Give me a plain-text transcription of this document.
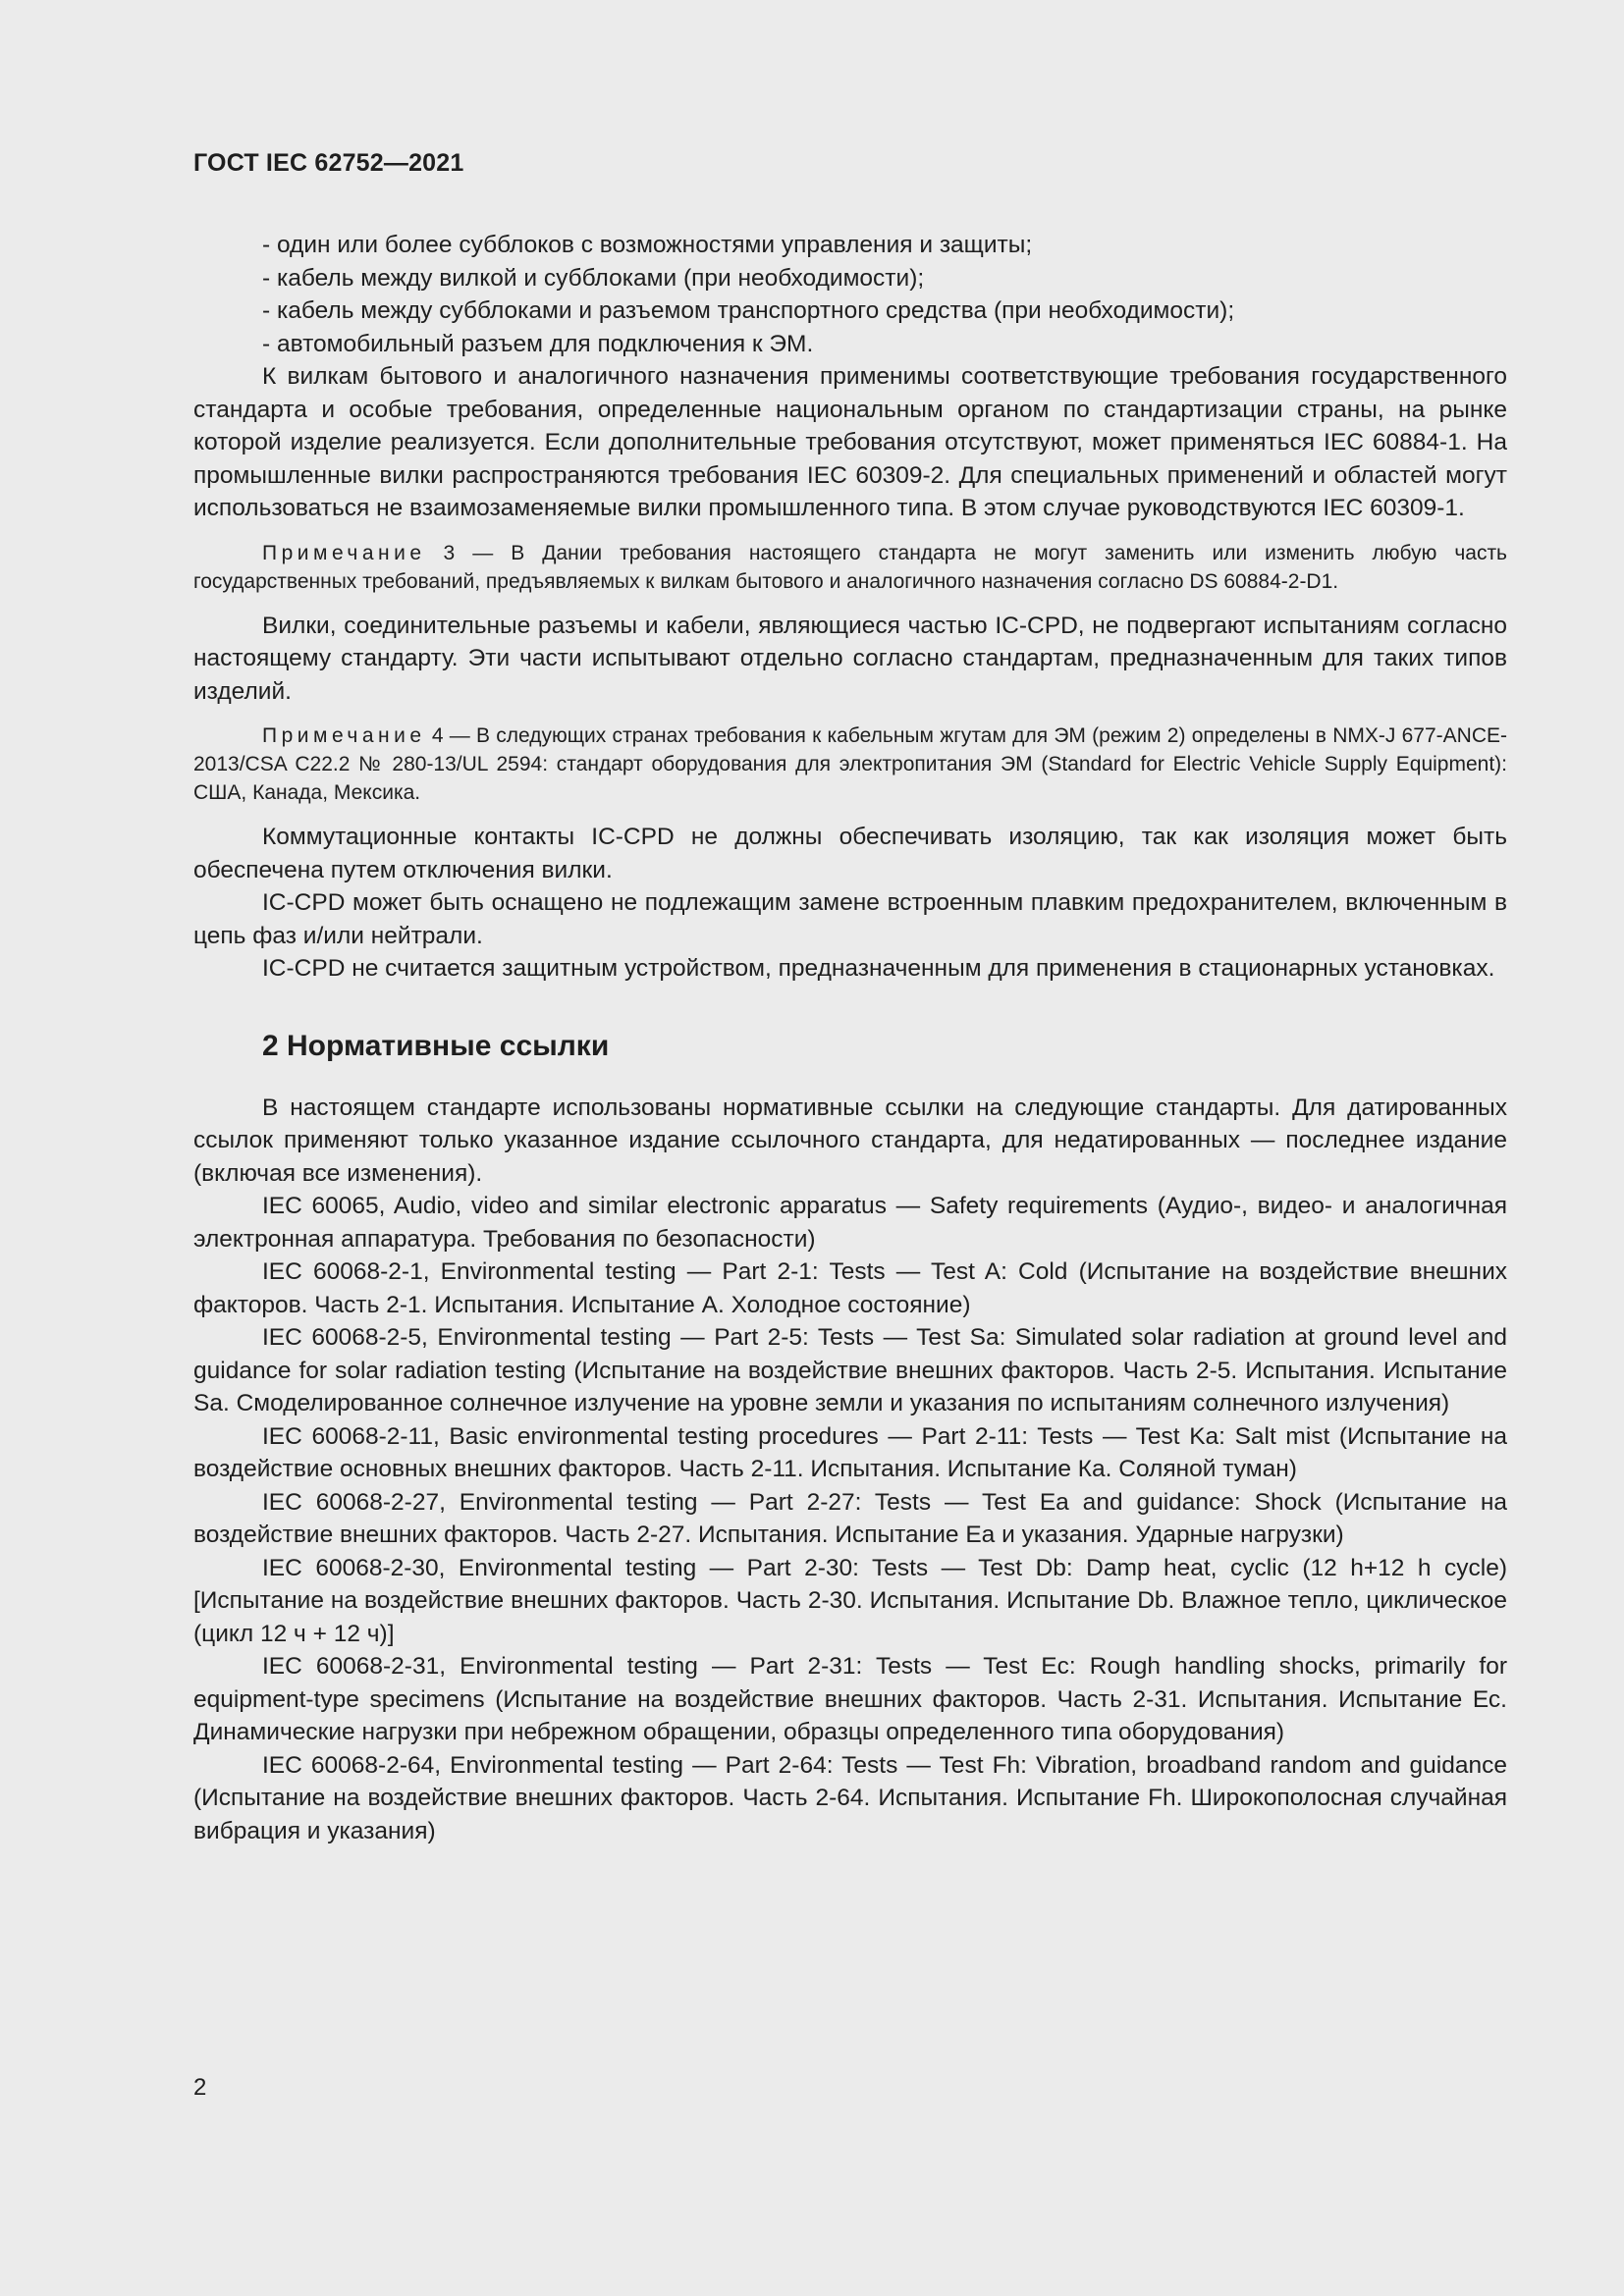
ГОСТ IEC 62752—2021

- один или более субблоков с возможностями управления и защиты;

- кабель между вилкой и субблоками (при необходимости);

- кабель между субблоками и разъемом транспортного средства (при необходимости);

- автомобильный разъем для подключения к ЭМ.

К вилкам бытового и аналогичного назначения применимы соответствующие требования государственного стандарта и особые требования, определенные национальным органом по стандартизации страны, на рынке которой изделие реализуется. Если дополнительные требования отсутствуют, может применяться IEC 60884-1. На промышленные вилки распространяются требования IEC 60309-2. Для специальных применений и областей могут использоваться не взаимозаменяемые вилки промышленного типа. В этом случае руководствуются IEC 60309-1.

Примечание 3 — В Дании требования настоящего стандарта не могут заменить или изменить любую часть государственных требований, предъявляемых к вилкам бытового и аналогичного назначения согласно DS 60884-2-D1.

Вилки, соединительные разъемы и кабели, являющиеся частью IC-CPD, не подвергают испытаниям согласно настоящему стандарту. Эти части испытывают отдельно согласно стандартам, предназначенным для таких типов изделий.

Примечание 4 — В следующих странах требования к кабельным жгутам для ЭМ (режим 2) определены в NMX-J 677-ANCE-2013/CSA C22.2 № 280-13/UL 2594: стандарт оборудования для электропитания ЭМ (Standard for Electric Vehicle Supply Equipment): США, Канада, Мексика.

Коммутационные контакты IC-CPD не должны обеспечивать изоляцию, так как изоляция может быть обеспечена путем отключения вилки.

IC-CPD может быть оснащено не подлежащим замене встроенным плавким предохранителем, включенным в цепь фаз и/или нейтрали.

IC-CPD не считается защитным устройством, предназначенным для применения в стационарных установках.

2 Нормативные ссылки

В настоящем стандарте использованы нормативные ссылки на следующие стандарты. Для датированных ссылок применяют только указанное издание ссылочного стандарта, для недатированных — последнее издание (включая все изменения).

IEC 60065, Audio, video and similar electronic apparatus — Safety requirements (Аудио-, видео- и аналогичная электронная аппаратура. Требования по безопасности)

IEC 60068-2-1, Environmental testing — Part 2-1: Tests — Test A: Cold (Испытание на воздействие внешних факторов. Часть 2-1. Испытания. Испытание А. Холодное состояние)

IEC 60068-2-5, Environmental testing — Part 2-5: Tests — Test Sa: Simulated solar radiation at ground level and guidance for solar radiation testing (Испытание на воздействие внешних факторов. Часть 2-5. Испытания. Испытание Sa. Смоделированное солнечное излучение на уровне земли и указания по испытаниям солнечного излучения)

IEC 60068-2-11, Basic environmental testing procedures — Part 2-11: Tests — Test Ka: Salt mist (Испытание на воздействие основных внешних факторов. Часть 2-11. Испытания. Испытание Ка. Соляной туман)

IEC 60068-2-27, Environmental testing — Part 2-27: Tests — Test Ea and guidance: Shock (Испытание на воздействие внешних факторов. Часть 2-27. Испытания. Испытание Еа и указания. Ударные нагрузки)

IEC 60068-2-30, Environmental testing — Part 2-30: Tests — Test Db: Damp heat, cyclic (12 h+12 h cycle) [Испытание на воздействие внешних факторов. Часть 2-30. Испытания. Испытание Db. Влажное тепло, циклическое (цикл 12 ч + 12 ч)]

IEC 60068-2-31, Environmental testing — Part 2-31: Tests — Test Ec: Rough handling shocks, primarily for equipment-type specimens (Испытание на воздействие внешних факторов. Часть 2-31. Испытания. Испытание Ес. Динамические нагрузки при небрежном обращении, образцы определенного типа оборудования)

IEC 60068-2-64, Environmental testing — Part 2-64: Tests — Test Fh: Vibration, broadband random and guidance (Испытание на воздействие внешних факторов. Часть 2-64. Испытания. Испытание Fh. Широкополосная случайная вибрация и указания)

2
